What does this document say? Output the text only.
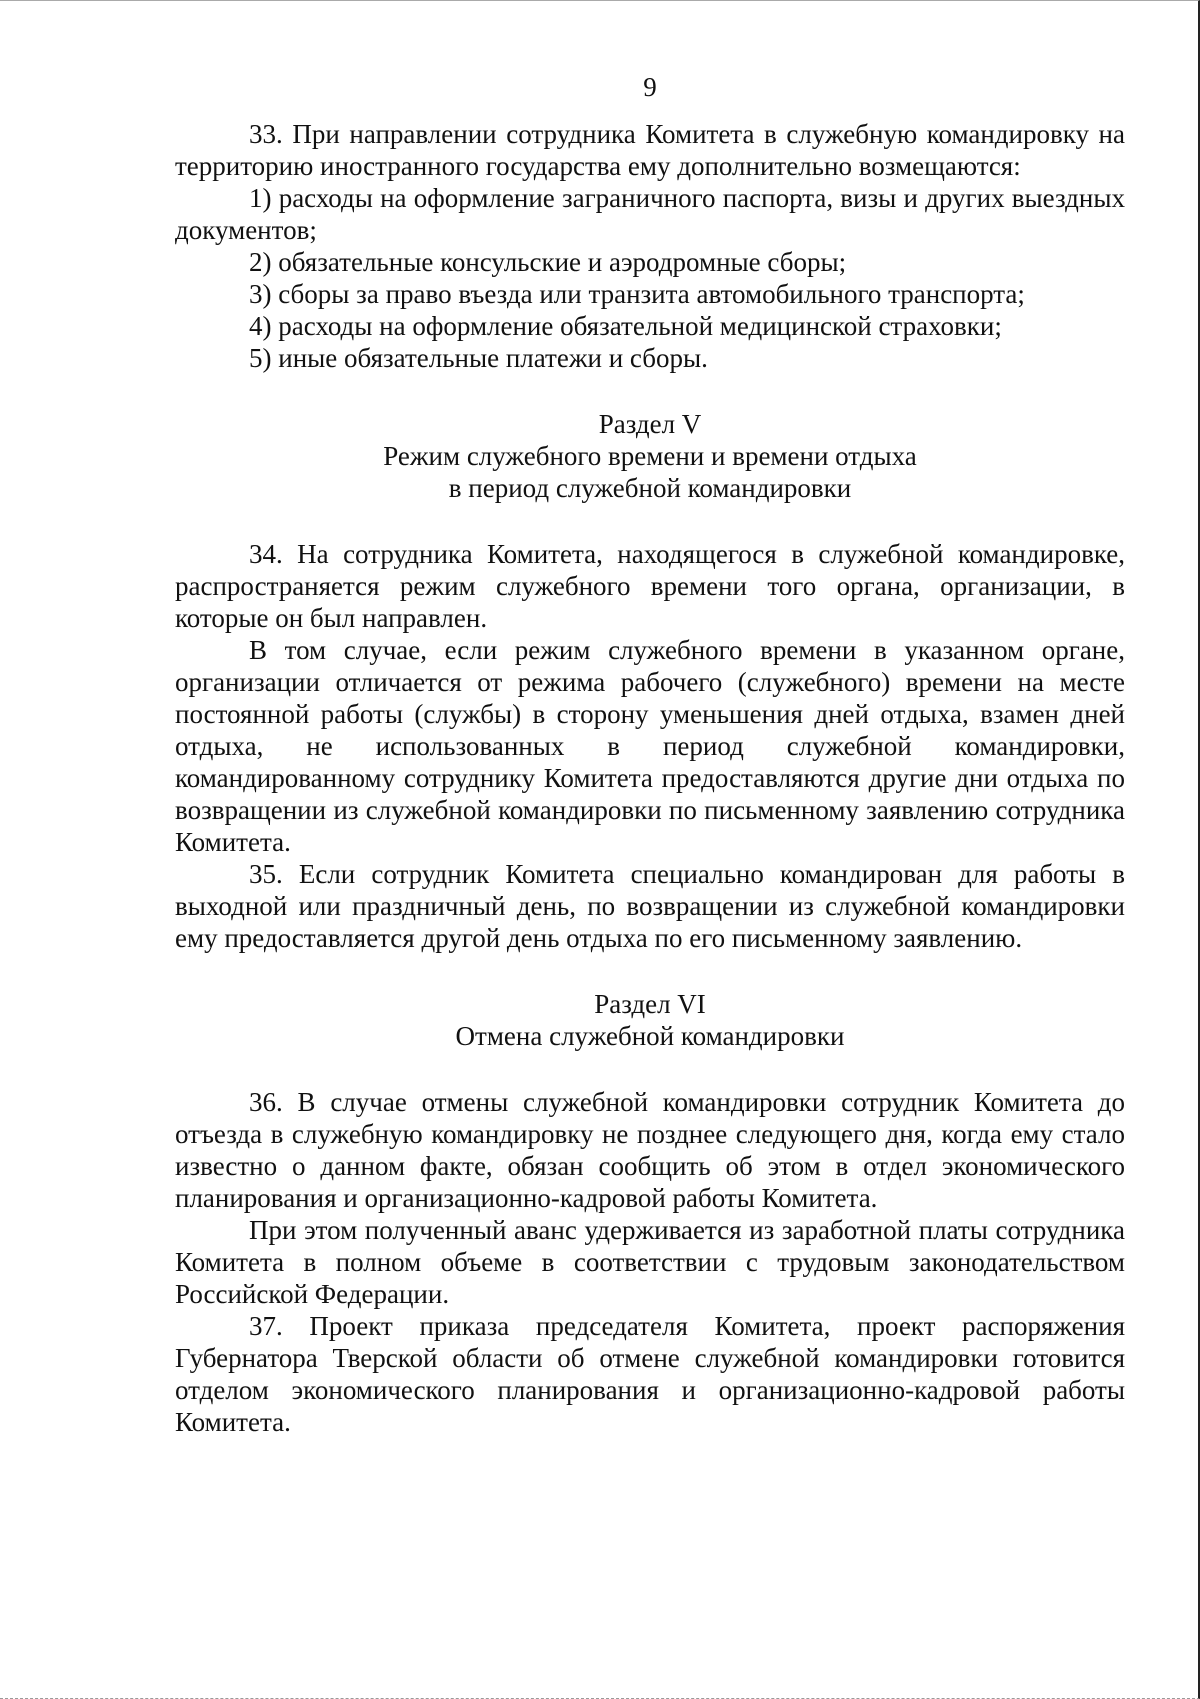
9

33. При направлении сотрудника Комитета в служебную командировку на территорию иностранного государства ему дополнительно возмещаются:

1) расходы на оформление заграничного паспорта, визы и других выездных документов;

2) обязательные консульские и аэродромные сборы;

3) сборы за право въезда или транзита автомобильного транспорта;

4) расходы на оформление обязательной медицинской страховки;

5) иные обязательные платежи и сборы.

Раздел V
Режим служебного времени и времени отдыха
в период служебной командировки

34. На сотрудника Комитета, находящегося в служебной командировке, распространяется режим служебного времени того органа, организации, в которые он был направлен.

В том случае, если режим служебного времени в указанном органе, организации отличается от режима рабочего (служебного) времени на месте постоянной работы (службы) в сторону уменьшения дней отдыха, взамен дней отдыха, не использованных в период служебной командировки, командированному сотруднику Комитета предоставляются другие дни отдыха по возвращении из служебной командировки по письменному заявлению сотрудника Комитета.

35. Если сотрудник Комитета специально командирован для работы в выходной или праздничный день, по возвращении из служебной командировки ему предоставляется другой день отдыха по его письменному заявлению.

Раздел VI
Отмена служебной командировки

36. В случае отмены служебной командировки сотрудник Комитета до отъезда в служебную командировку не позднее следующего дня, когда ему стало известно о данном факте, обязан сообщить об этом в отдел экономического планирования и организационно-кадровой работы Комитета.

При этом полученный аванс удерживается из заработной платы сотрудника Комитета в полном объеме в соответствии с трудовым законодательством Российской Федерации.

37. Проект приказа председателя Комитета, проект распоряжения Губернатора Тверской области об отмене служебной командировки готовится отделом экономического планирования и организационно-кадровой работы Комитета.
